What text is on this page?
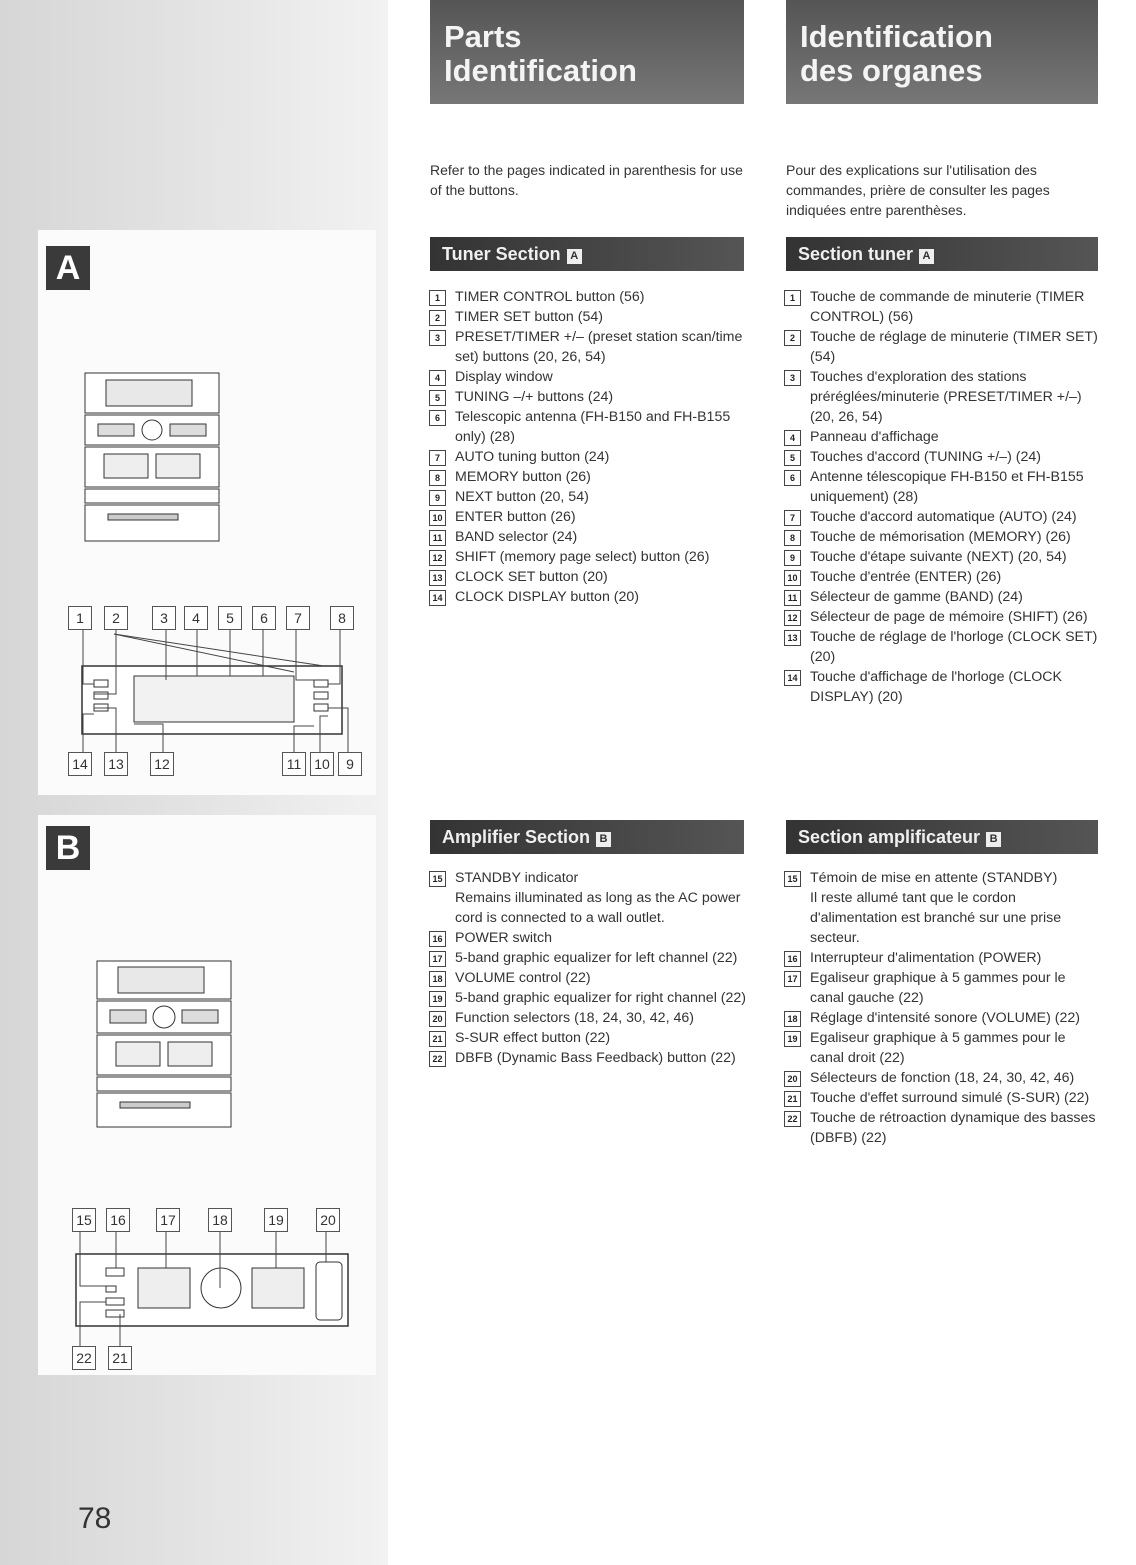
A
B
1	2	3	4	5	6	7	8
14	13	12	11 10	9
15	16	17	18	19	20
22	21
78
Parts
Identification
Refer to the pages indicated in parenthesis for use of the buttons.
Tuner Section A
1	TIMER CONTROL button (56)
2	TIMER SET button (54)
3	PRESET/TIMER +/– (preset station scan/time set) buttons (20, 26, 54)
4	Display window
5	TUNING –/+ buttons (24)
6	Telescopic antenna (FH-B150 and FH-B155 only) (28)
7	AUTO tuning button (24)
8	MEMORY button (26)
9	NEXT button (20, 54)
10 ENTER button (26)
11 BAND selector (24)
12 SHIFT (memory page select) button (26)
13 CLOCK SET button (20)
14 CLOCK DISPLAY button (20)
Amplifier Section B
15 STANDBY indicator
Remains illuminated as long as the AC power cord is connected to a wall outlet.
16 POWER switch
17 5-band graphic equalizer for left channel (22)
18 VOLUME control (22)
19 5-band graphic equalizer for right channel (22)
20 Function selectors (18, 24, 30, 42, 46)
21 S-SUR effect button (22)
22 DBFB (Dynamic Bass Feedback) button (22)
Identification
des organes
Pour des explications sur l'utilisation des commandes, prière de consulter les pages indiquées entre parenthèses.
Section tuner A
1	Touche de commande de minuterie (TIMER CONTROL) (56)
2	Touche de réglage de minuterie (TIMER SET) (54)
3	Touches d'exploration des stations préréglées/minuterie (PRESET/TIMER +/–) (20, 26, 54)
4	Panneau d'affichage
5	Touches d'accord (TUNING +/–) (24)
6	Antenne télescopique FH-B150 et FH-B155 uniquement) (28)
7	Touche d'accord automatique (AUTO) (24)
8	Touche de mémorisation (MEMORY) (26)
9	Touche d'étape suivante (NEXT) (20, 54)
10 Touche d'entrée (ENTER) (26)
11 Sélecteur de gamme (BAND) (24)
12 Sélecteur de page de mémoire (SHIFT) (26)
13 Touche de réglage de l'horloge (CLOCK SET) (20)
14 Touche d'affichage de l'horloge (CLOCK DISPLAY) (20)
Section amplificateur B
15 Témoin de mise en attente (STANDBY)
Il reste allumé tant que le cordon d'alimentation est branché sur une prise secteur.
16 Interrupteur d'alimentation (POWER)
17 Egaliseur graphique à 5 gammes pour le canal gauche (22)
18 Réglage d'intensité sonore (VOLUME) (22)
19 Egaliseur graphique à 5 gammes pour le canal droit (22)
20 Sélecteurs de fonction (18, 24, 30, 42, 46)
21 Touche d'effet surround simulé (S-SUR) (22)
22 Touche de rétroaction dynamique des basses (DBFB) (22)
